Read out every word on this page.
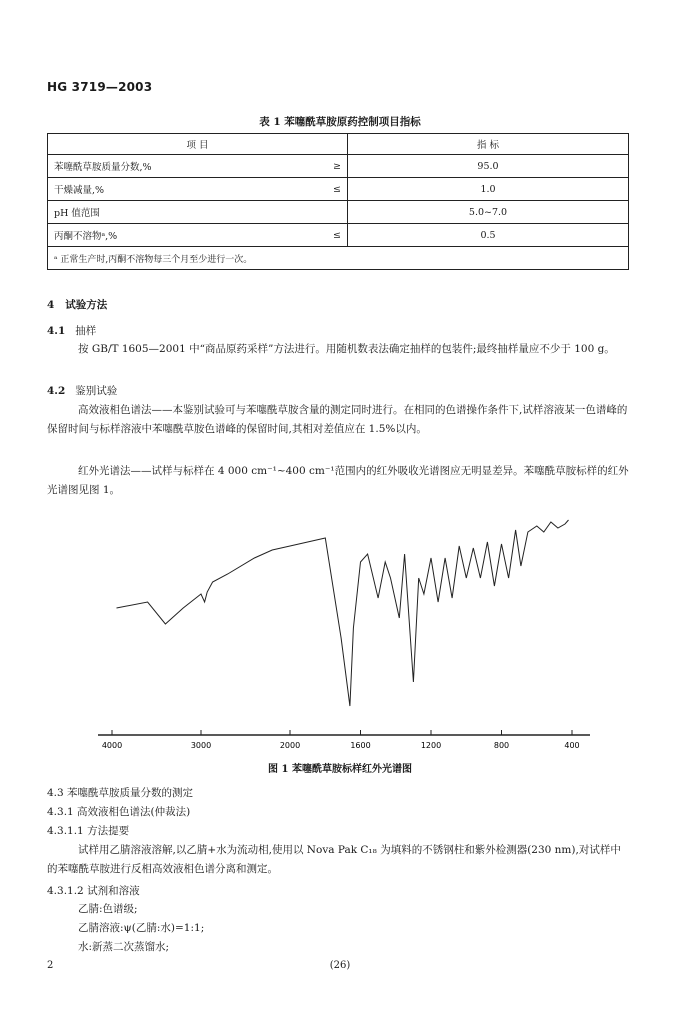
HG 3719—2003
表 1 苯噻酰草胺原药控制项目指标
项 目		指 标
苯噻酰草胺质量分数,%	≥	95.0
干燥减量,%	≤	1.0
pH 值范围		5.0~7.0
丙酮不溶物ᵃ,%	≤	0.5
ᵃ 正常生产时,丙酮不溶物每三个月至少进行一次。		
4 试验方法
4.1 抽样
按 GB/T 1605—2001 中“商品原药采样”方法进行。用随机数表法确定抽样的包装件;最终抽样量应不少于 100 g。
4.2 鉴别试验
高效液相色谱法——本鉴别试验可与苯噻酰草胺含量的测定同时进行。在相同的色谱操作条件下,试样溶液某一色谱峰的保留时间与标样溶液中苯噻酰草胺色谱峰的保留时间,其相对差值应在 1.5%以内。
红外光谱法——试样与标样在 4 000 cm⁻¹~400 cm⁻¹范围内的红外吸收光谱图应无明显差异。苯噻酰草胺标样的红外光谱图见图 1。
4000	3000	2000	1600	1200	800	400
图 1 苯噻酰草胺标样红外光谱图
4.3 苯噻酰草胺质量分数的测定
4.3.1 高效液相色谱法(仲裁法)
4.3.1.1 方法提要
试样用乙腈溶液溶解,以乙腈+水为流动相,使用以 Nova Pak C₁₈ 为填料的不锈钢柱和紫外检测器(230 nm),对试样中的苯噻酰草胺进行反相高效液相色谱分离和测定。
4.3.1.2 试剂和溶液
乙腈:色谱级;
乙腈溶液:ψ(乙腈:水)=1:1;
水:新蒸二次蒸馏水;
2	(26)
